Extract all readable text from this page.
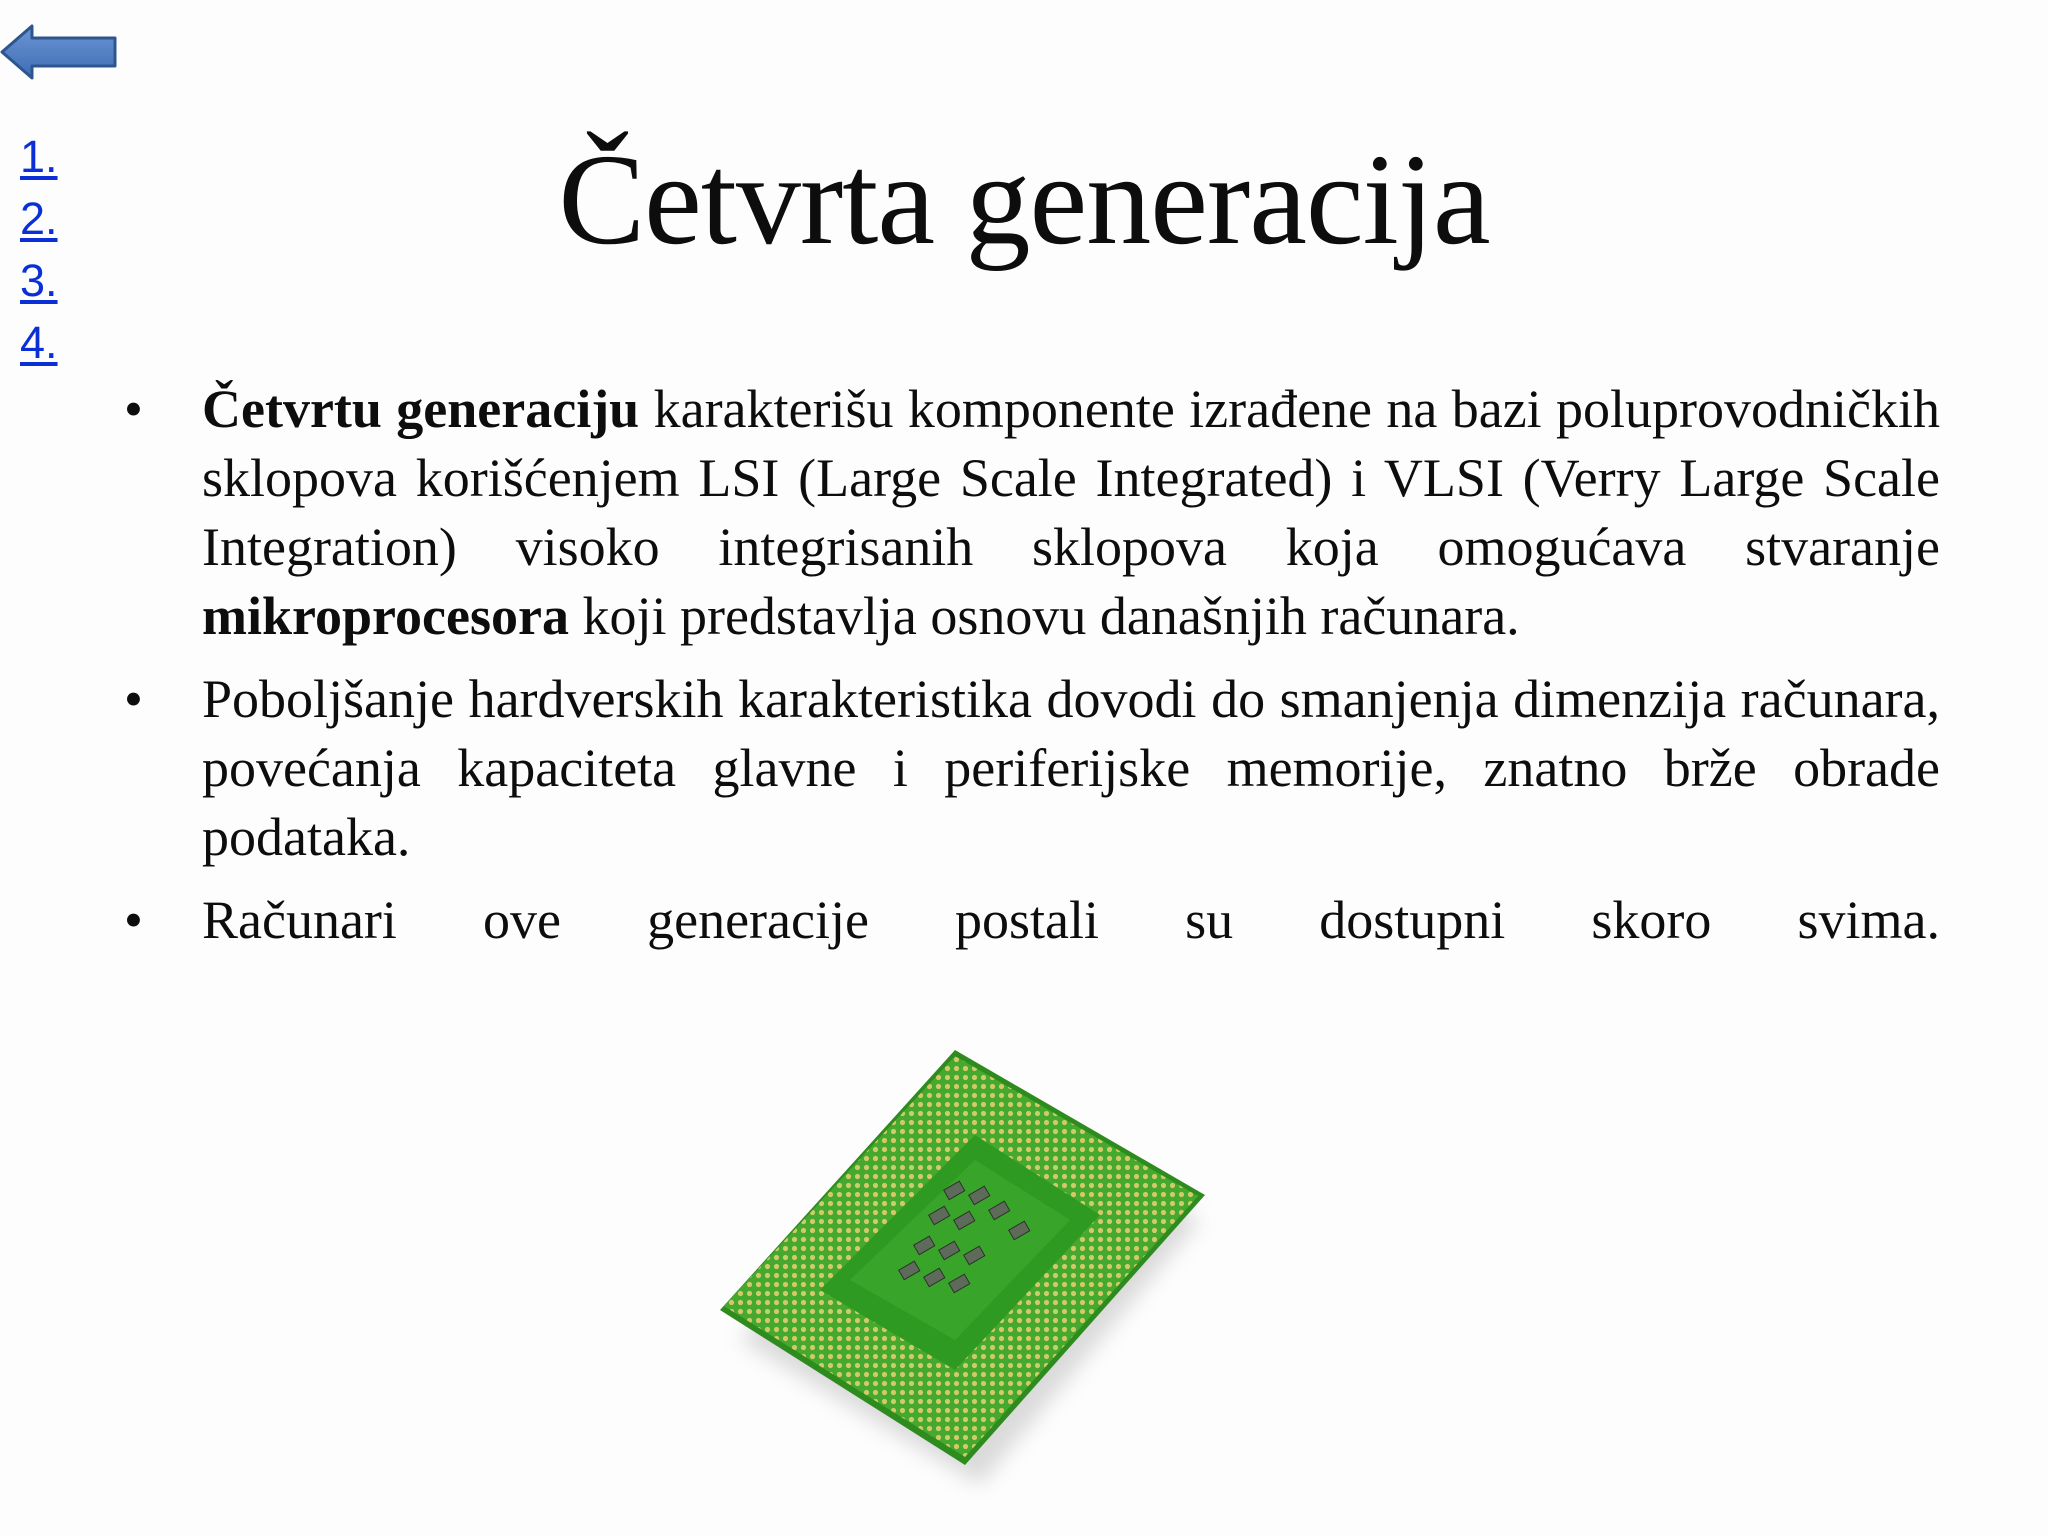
1.
2.
3.
4.
Četvrta generacija
• Četvrtu generaciju karakterišu komponente izrađene na bazi poluprovodničkih sklopova korišćenjem LSI (Large Scale Integrated) i VLSI (Verry Large Scale Integration) visoko integrisanih sklopova koja omogućava stvaranje mikroprocesora koji predstavlja osnovu današnjih računara.
• Poboljšanje hardverskih karakteristika dovodi do smanjenja dimenzija računara, povećanja kapaciteta glavne i periferijske memorije, znatno brže obrade podataka.
• Računari ove generacije postali su dostupni skoro svima.
